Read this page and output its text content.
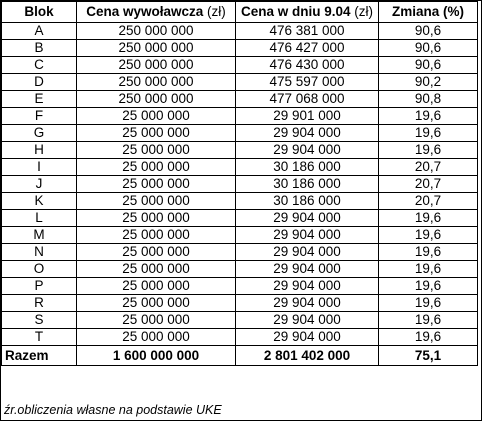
Blok	Cena wywoławcza (zł)	Cena w dniu 9.04 (zł)	Zmiana (%)
A	250 000 000	476 381 000	90,6
B	250 000 000	476 427 000	90,6
C	250 000 000	476 430 000	90,6
D	250 000 000	475 597 000	90,2
E	250 000 000	477 068 000	90,8
F	25 000 000	29 901 000	19,6
G	25 000 000	29 904 000	19,6
H	25 000 000	29 904 000	19,6
I	25 000 000	30 186 000	20,7
J	25 000 000	30 186 000	20,7
K	25 000 000	30 186 000	20,7
L	25 000 000	29 904 000	19,6
M	25 000 000	29 904 000	19,6
N	25 000 000	29 904 000	19,6
O	25 000 000	29 904 000	19,6
P	25 000 000	29 904 000	19,6
R	25 000 000	29 904 000	19,6
S	25 000 000	29 904 000	19,6
T	25 000 000	29 904 000	19,6
Razem	1 600 000 000	2 801 402 000	75,1
źr.obliczenia własne na podstawie UKE
